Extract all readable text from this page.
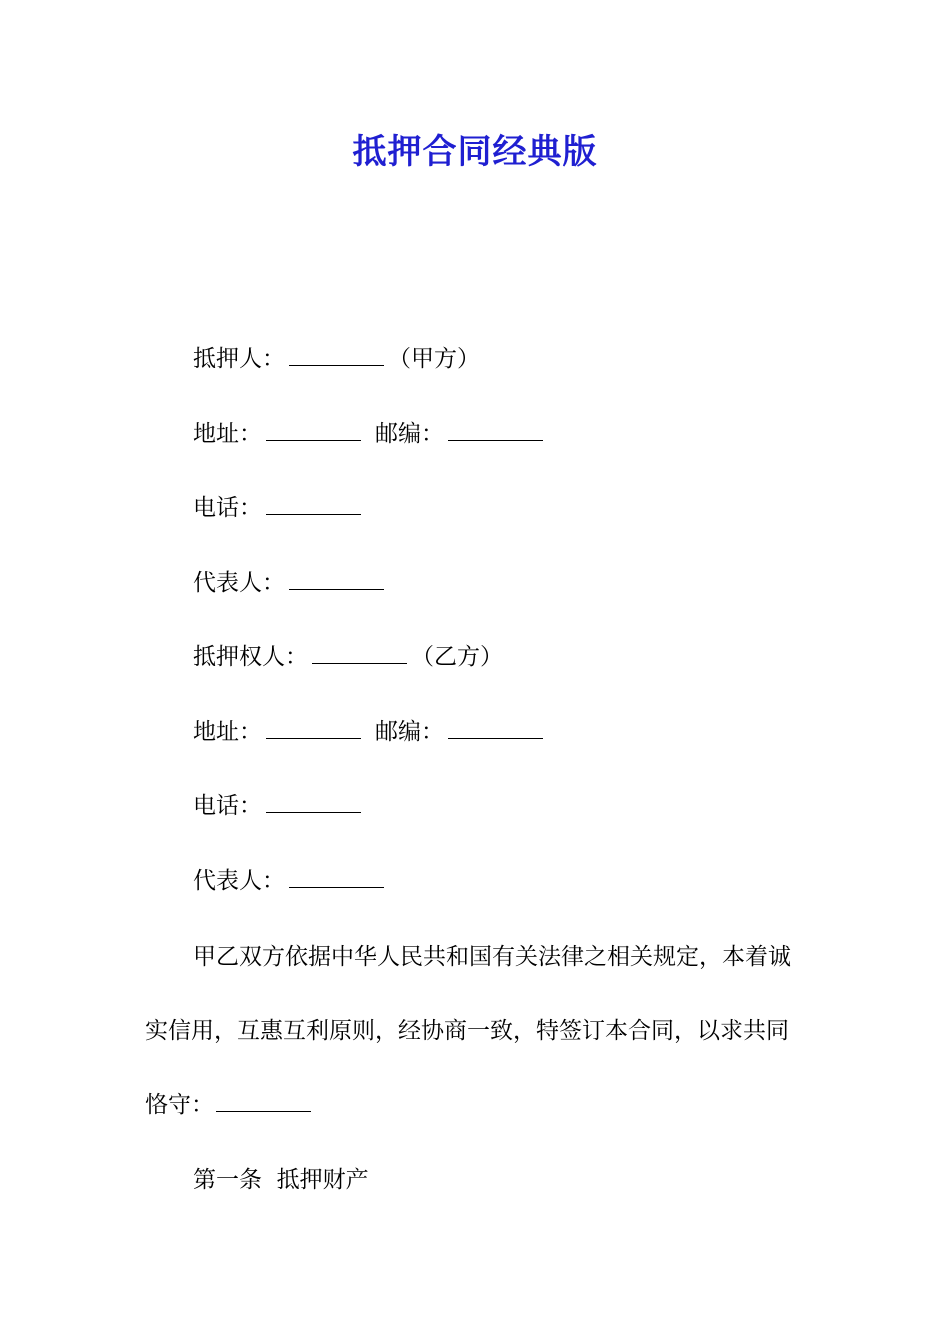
抵押合同经典版
抵押人：	（甲方）
地址：	邮编：
电话：
代表人：
抵押权人：	（乙方）
地址：	邮编：
电话：
代表人：
甲乙双方依据中华人民共和国有关法律之相关规定，本着诚实信用，互惠互利原则，经协商一致，特签订本合同，以求共同恪守：
第一条  抵押财产
